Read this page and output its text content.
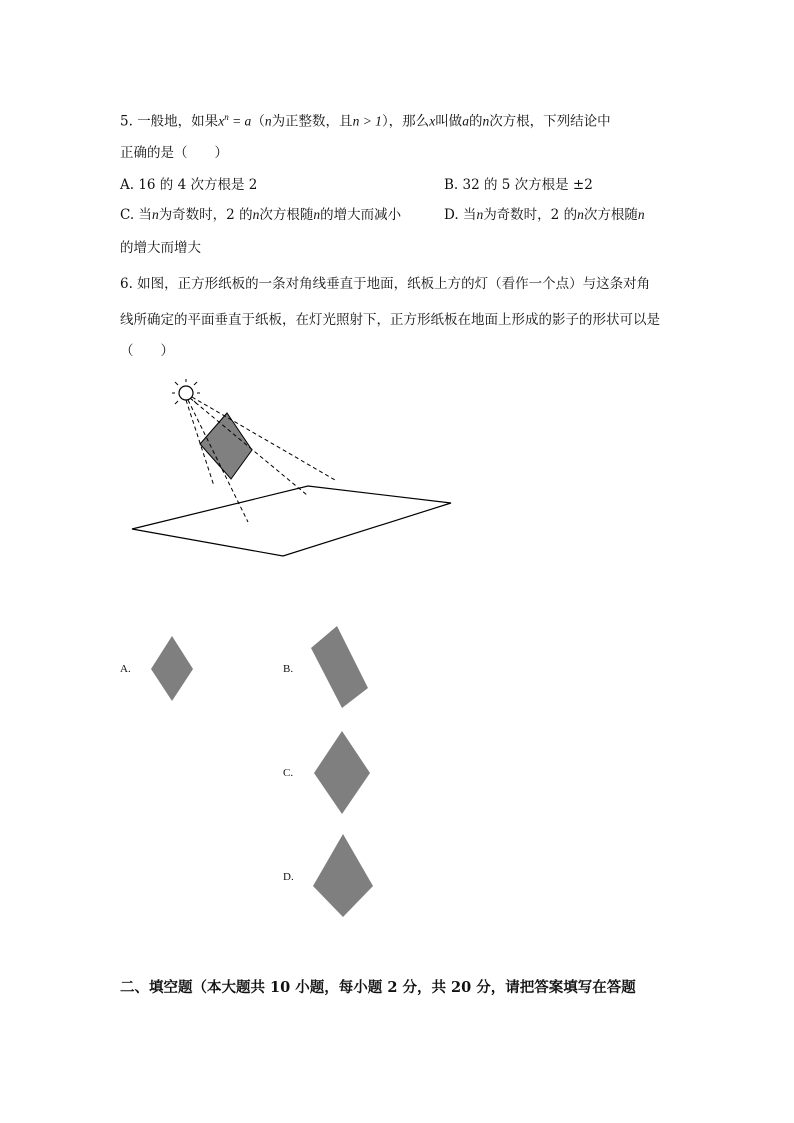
5. 一般地，如果$x^n = a(n$为正整数，且n > 1），那么x叫做a的n次方根，下列结论中
正确的是（　　）
A. 16 的 4 次方根是 2	B. 32 的 5 次方根是 ±2
C. 当n为奇数时，2 的n次方根随n的增大而减小	D. 当n为奇数时，2 的n次方根随n
的增大而增大
6. 如图，正方形纸板的一条对角线垂直于地面，纸板上方的灯（看作一个点）与这条对角
线所确定的平面垂直于纸板，在灯光照射下，正方形纸板在地面上形成的影子的形状可以是
（　　）
A.	B.
C.
D.
二、填空题（本大题共 10 小题，每小题 2 分，共 20 分，请把答案填写在答题
